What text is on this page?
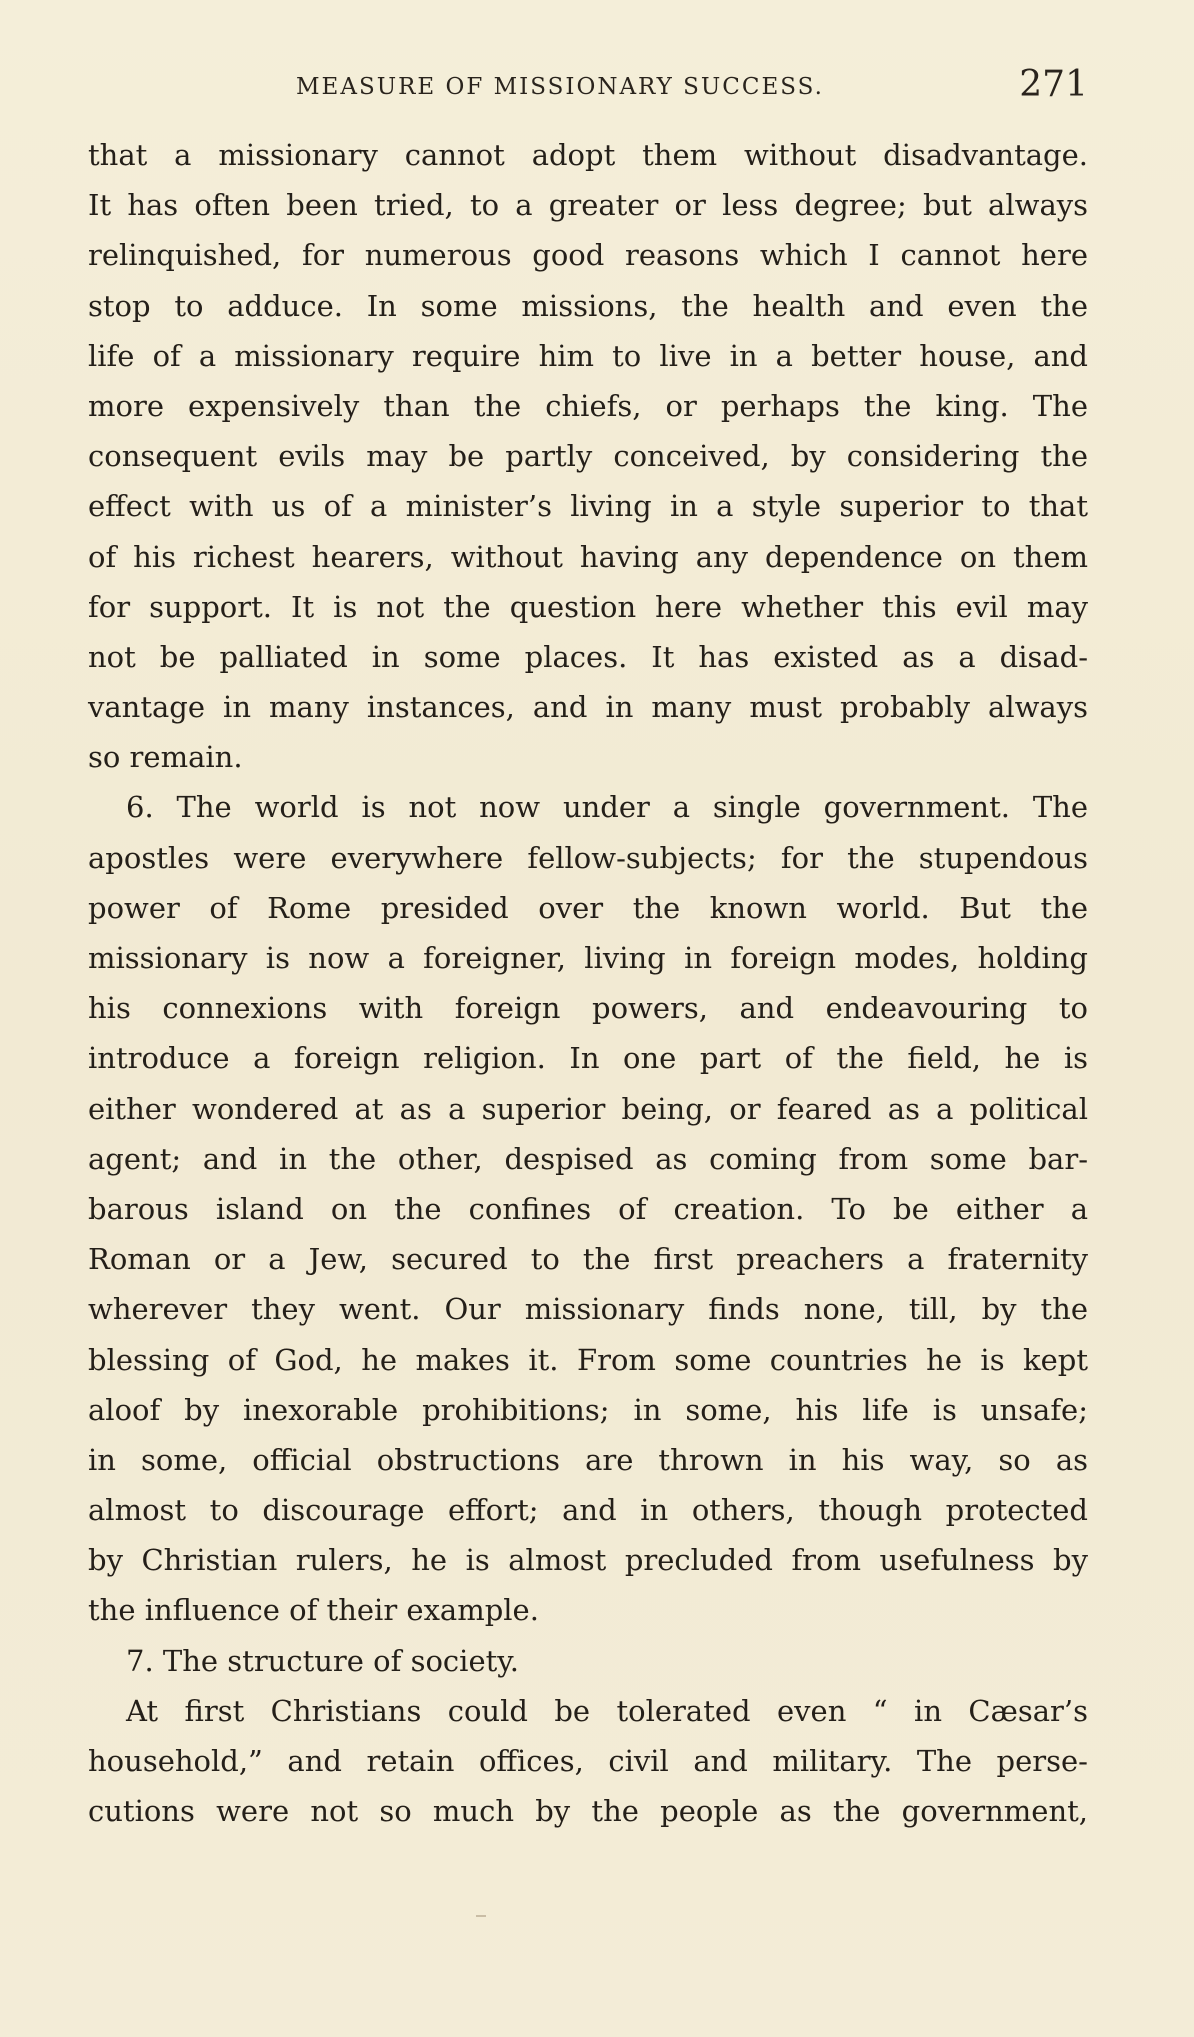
MEASURE OF MISSIONARY SUCCESS.	271
that a missionary cannot adopt them without disadvantage.
It has often been tried, to a greater or less degree; but always
relinquished, for numerous good reasons which I cannot here
stop to adduce. In some missions, the health and even the
life of a missionary require him to live in a better house, and
more expensively than the chiefs, or perhaps the king. The
consequent evils may be partly conceived, by considering the
effect with us of a minister’s living in a style superior to that
of his richest hearers, without having any dependence on them
for support. It is not the question here whether this evil may
not be palliated in some places. It has existed as a disad-
vantage in many instances, and in many must probably always
so remain.
6. The world is not now under a single government. The
apostles were everywhere fellow-subjects; for the stupendous
power of Rome presided over the known world. But the
missionary is now a foreigner, living in foreign modes, holding
his connexions with foreign powers, and endeavouring to
introduce a foreign religion. In one part of the field, he is
either wondered at as a superior being, or feared as a political
agent; and in the other, despised as coming from some bar-
barous island on the confines of creation. To be either a
Roman or a Jew, secured to the first preachers a fraternity
wherever they went. Our missionary finds none, till, by the
blessing of God, he makes it. From some countries he is kept
aloof by inexorable prohibitions; in some, his life is unsafe;
in some, official obstructions are thrown in his way, so as
almost to discourage effort; and in others, though protected
by Christian rulers, he is almost precluded from usefulness by
the influence of their example.
7. The structure of society.
At first Christians could be tolerated even “ in Cæsar’s
household,” and retain offices, civil and military. The perse-
cutions were not so much by the people as the government,
